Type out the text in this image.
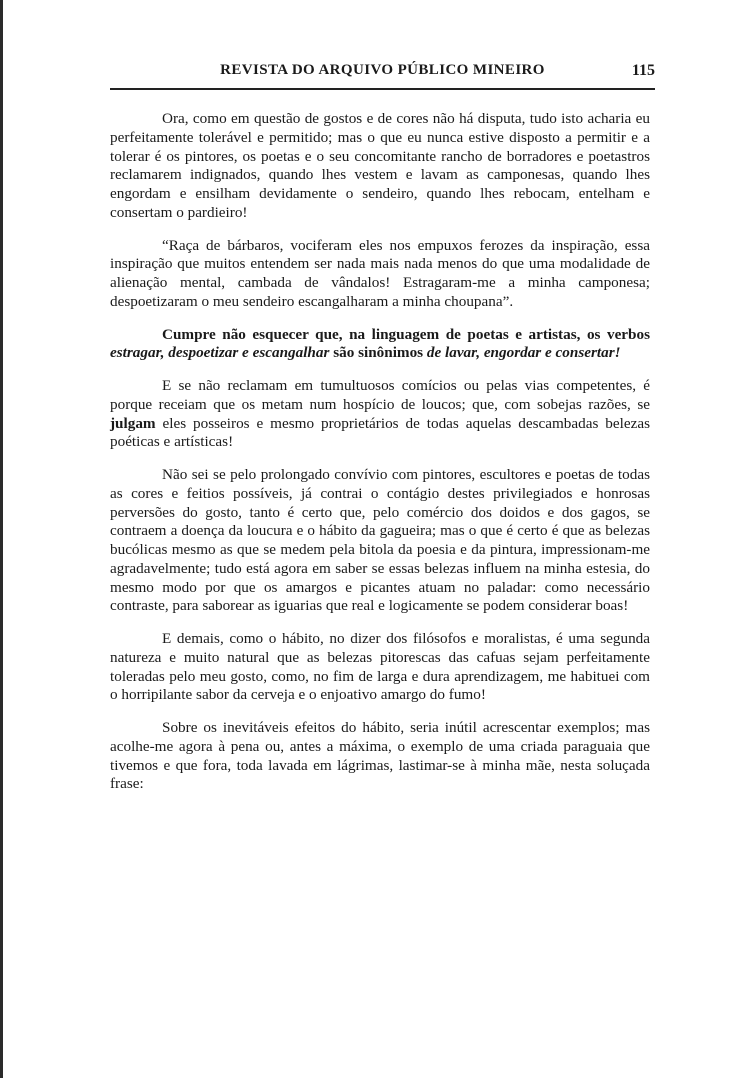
REVISTA DO ARQUIVO PÚBLICO MINEIRO	115

Ora, como em questão de gostos e de cores não há disputa, tudo isto acharia eu perfeitamente tolerável e permitido; mas o que eu nunca estive disposto a permitir e a tolerar é os pintores, os poetas e o seu concomitante rancho de borradores e poetastros reclamarem indignados, quando lhes vestem e lavam as camponesas, quando lhes engordam e ensilham devidamente o sendeiro, quando lhes rebocam, entelham e consertam o pardieiro!

“Raça de bárbaros, vociferam eles nos empuxos ferozes da inspiração, essa inspiração que muitos entendem ser nada mais nada menos do que uma modalidade de alienação mental, cambada de vândalos! Estragaram-me a minha camponesa; despoetizaram o meu sendeiro escangalharam a minha choupana”.

Cumpre não esquecer que, na linguagem de poetas e artistas, os verbos estragar, despoetizar e escangalhar são sinônimos de lavar, engordar e consertar!

E se não reclamam em tumultuosos comícios ou pelas vias competentes, é porque receiam que os metam num hospício de loucos; que, com sobejas razões, se julgam eles posseiros e mesmo proprietários de todas aquelas descambadas belezas poéticas e artísticas!

Não sei se pelo prolongado convívio com pintores, escultores e poetas de todas as cores e feitios possíveis, já contrai o contágio destes privilegiados e honrosas perversões do gosto, tanto é certo que, pelo comércio dos doidos e dos gagos, se contraem a doença da loucura e o hábito da gagueira; mas o que é certo é que as belezas bucólicas mesmo as que se medem pela bitola da poesia e da pintura, impressionam-me agradavelmente; tudo está agora em saber se essas belezas influem na minha estesia, do mesmo modo por que os amargos e picantes atuam no paladar: como necessário contraste, para saborear as iguarias que real e logicamente se podem considerar boas!

E demais, como o hábito, no dizer dos filósofos e moralistas, é uma segunda natureza e muito natural que as belezas pitorescas das cafuas sejam perfeitamente toleradas pelo meu gosto, como, no fim de larga e dura aprendizagem, me habituei com o horripilante sabor da cerveja e o enjoativo amargo do fumo!

Sobre os inevitáveis efeitos do hábito, seria inútil acrescentar exemplos; mas acolhe-me agora à pena ou, antes a máxima, o exemplo de uma criada paraguaia que tivemos e que fora, toda lavada em lágrimas, lastimar-se à minha mãe, nesta soluçada frase:
